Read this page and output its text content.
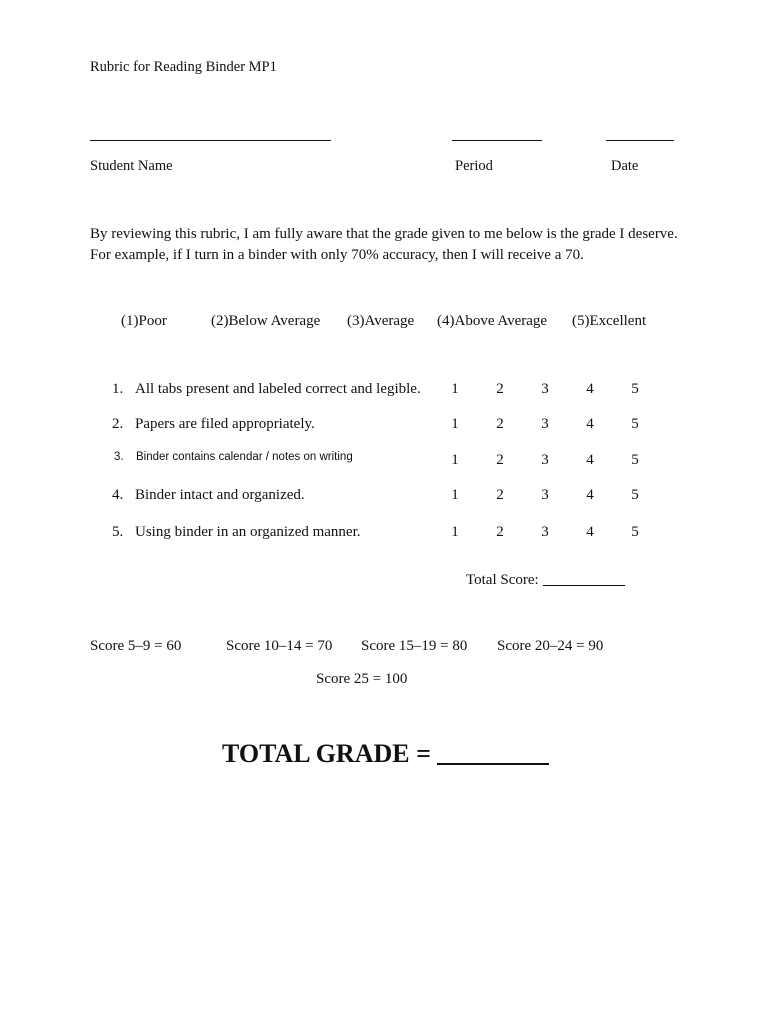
Rubric for Reading Binder MP1
Student Name	Period	Date
By reviewing this rubric, I am fully aware that the grade given to me below is the grade I deserve. For example, if I turn in a binder with only 70% accuracy, then I will receive a 70.
(1)Poor	(2)Below Average (3)Average (4)Above Average (5)Excellent
1. All tabs present and labeled correct and legible.	1	2	3	4	5
2. Papers are filed appropriately.	1	2	3	4	5
3. Binder contains calendar / notes on writing	1	2	3	4	5
4. Binder intact and organized.	1	2	3	4	5
5. Using binder in an organized manner.	1	2	3	4	5
Total Score:
Score 5–9 = 60	Score 10–14 = 70 Score 15–19 = 80 Score 20–24 = 90
Score 25 = 100
TOTAL GRADE =
